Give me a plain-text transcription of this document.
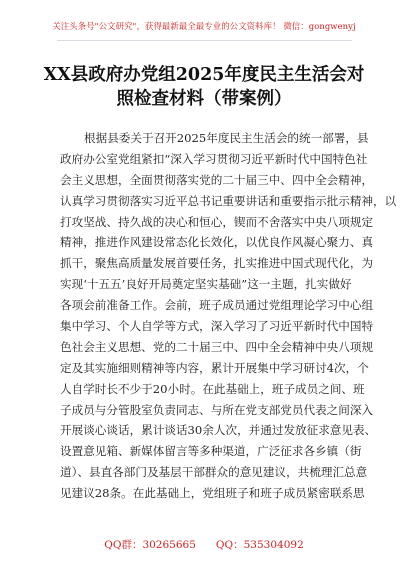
关注头条号"公文研究"，获得最新最全最专业的公文资料库！ 微信：gongwenyj
XX县政府办党组2025年度民主生活会对
照检查材料（带案例）
根据县委关于召开2025年度民主生活会的统一部署，县
政府办公室党组紧扣“深入学习贯彻习近平新时代中国特色社
会主义思想，全面贯彻落实党的二十届三中、四中全会精神，
认真学习贯彻落实习近平总书记重要讲话和重要指示批示精神，以
打攻坚战、持久战的决心和恒心，锲而不舍落实中央八项规定
精神，推进作风建设常态化长效化，以优良作风凝心聚力、真
抓干，聚焦高质量发展首要任务，扎实推进中国式现代化，为
实现‘十五五’良好开局奠定坚实基础”这一主题，扎实做好
各项会前准备工作。会前，班子成员通过党组理论学习中心组
集中学习、个人自学等方式，深入学习了习近平新时代中国特
色社会主义思想、党的二十届三中、四中全会精神中央八项规
定及其实施细则精神等内容，累计开展集中学习研讨4次，个
人自学时长不少于20小时。在此基础上，班子成员之间、班
子成员与分管股室负责同志、与所在党支部党员代表之间深入
开展谈心谈话，累计谈话30余人次，并通过发放征求意见表、
设置意见箱、新媒体留言等多种渠道，广泛征求各乡镇（街
道）、县直各部门及基层干部群众的意见建议，共梳理汇总意
见建议28条。在此基础上，党组班子和班子成员紧密联系思
QQ群：30265665 QQ：535304092
